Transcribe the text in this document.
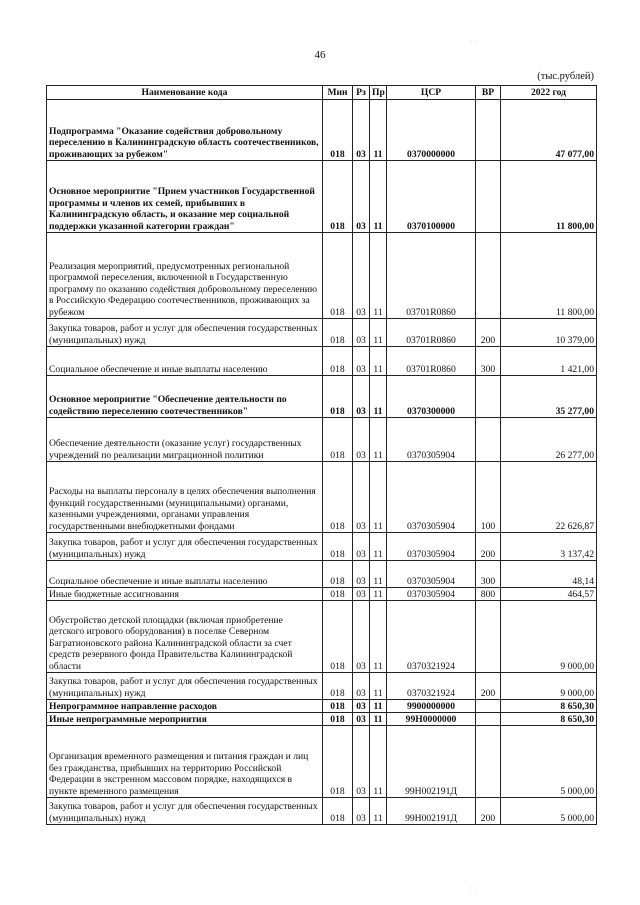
46
(тыс.рублей)
Наименование кода	Мин	Рз	Пр	ЦСР	ВР	2022 год
Подпрограмма "Оказание содействия добровольному переселению в Калининградскую область соотечественников, проживающих за рубежом"	018	03	11	0370000000		47 077,00
Основное мероприятие "Прием участников Государственной программы и членов их семей, прибывших в Калининградскую область, и оказание мер социальной поддержки указанной категории граждан"	018	03	11	0370100000		11 800,00
Реализация мероприятий, предусмотренных региональной программой переселения, включенной в Государственную программу по оказанию содействия добровольному переселению в Российскую Федерацию соотечественников, проживающих за рубежом	018	03	11	03701R0860		11 800,00
Закупка товаров, работ и услуг для обеспечения государственных (муниципальных) нужд	018	03	11	03701R0860	200	10 379,00
Социальное обеспечение и иные выплаты населению	018	03	11	03701R0860	300	1 421,00
Основное мероприятие "Обеспечение деятельности по содействию переселению соотечественников"	018	03	11	0370300000		35 277,00
Обеспечение деятельности (оказание услуг) государственных учреждений по реализации миграционной политики	018	03	11	0370305904		26 277,00
Расходы на выплаты персоналу в целях обеспечения выполнения функций государственными (муниципальными) органами, казенными учреждениями, органами управления государственными внебюджетными фондами	018	03	11	0370305904	100	22 626,87
Закупка товаров, работ и услуг для обеспечения государственных (муниципальных) нужд	018	03	11	0370305904	200	3 137,42
Социальное обеспечение и иные выплаты населению	018	03	11	0370305904	300	48,14
Иные бюджетные ассигнования	018	03	11	0370305904	800	464,57
Обустройство детской площадки (включая приобретение детского игрового оборудования) в поселке Северном Багратионовского района Калининградской области за счет средств резервного фонда Правительства Калининградской области	018	03	11	0370321924		9 000,00
Закупка товаров, работ и услуг для обеспечения государственных (муниципальных) нужд	018	03	11	0370321924	200	9 000,00
Непрограммное направление расходов	018	03	11	9900000000		8 650,30
Иные непрограммные мероприятия	018	03	11	99Н0000000		8 650,30
Организация временного размещения и питания граждан и лиц без гражданства, прибывших на территорию Российской Федерации в экстренном массовом порядке, находящихся в пункте временного размещения	018	03	11	99Н002191Д		5 000,00
Закупка товаров, работ и услуг для обеспечения государственных (муниципальных) нужд	018	03	11	99Н002191Д	200	5 000,00
· ·
· ·
